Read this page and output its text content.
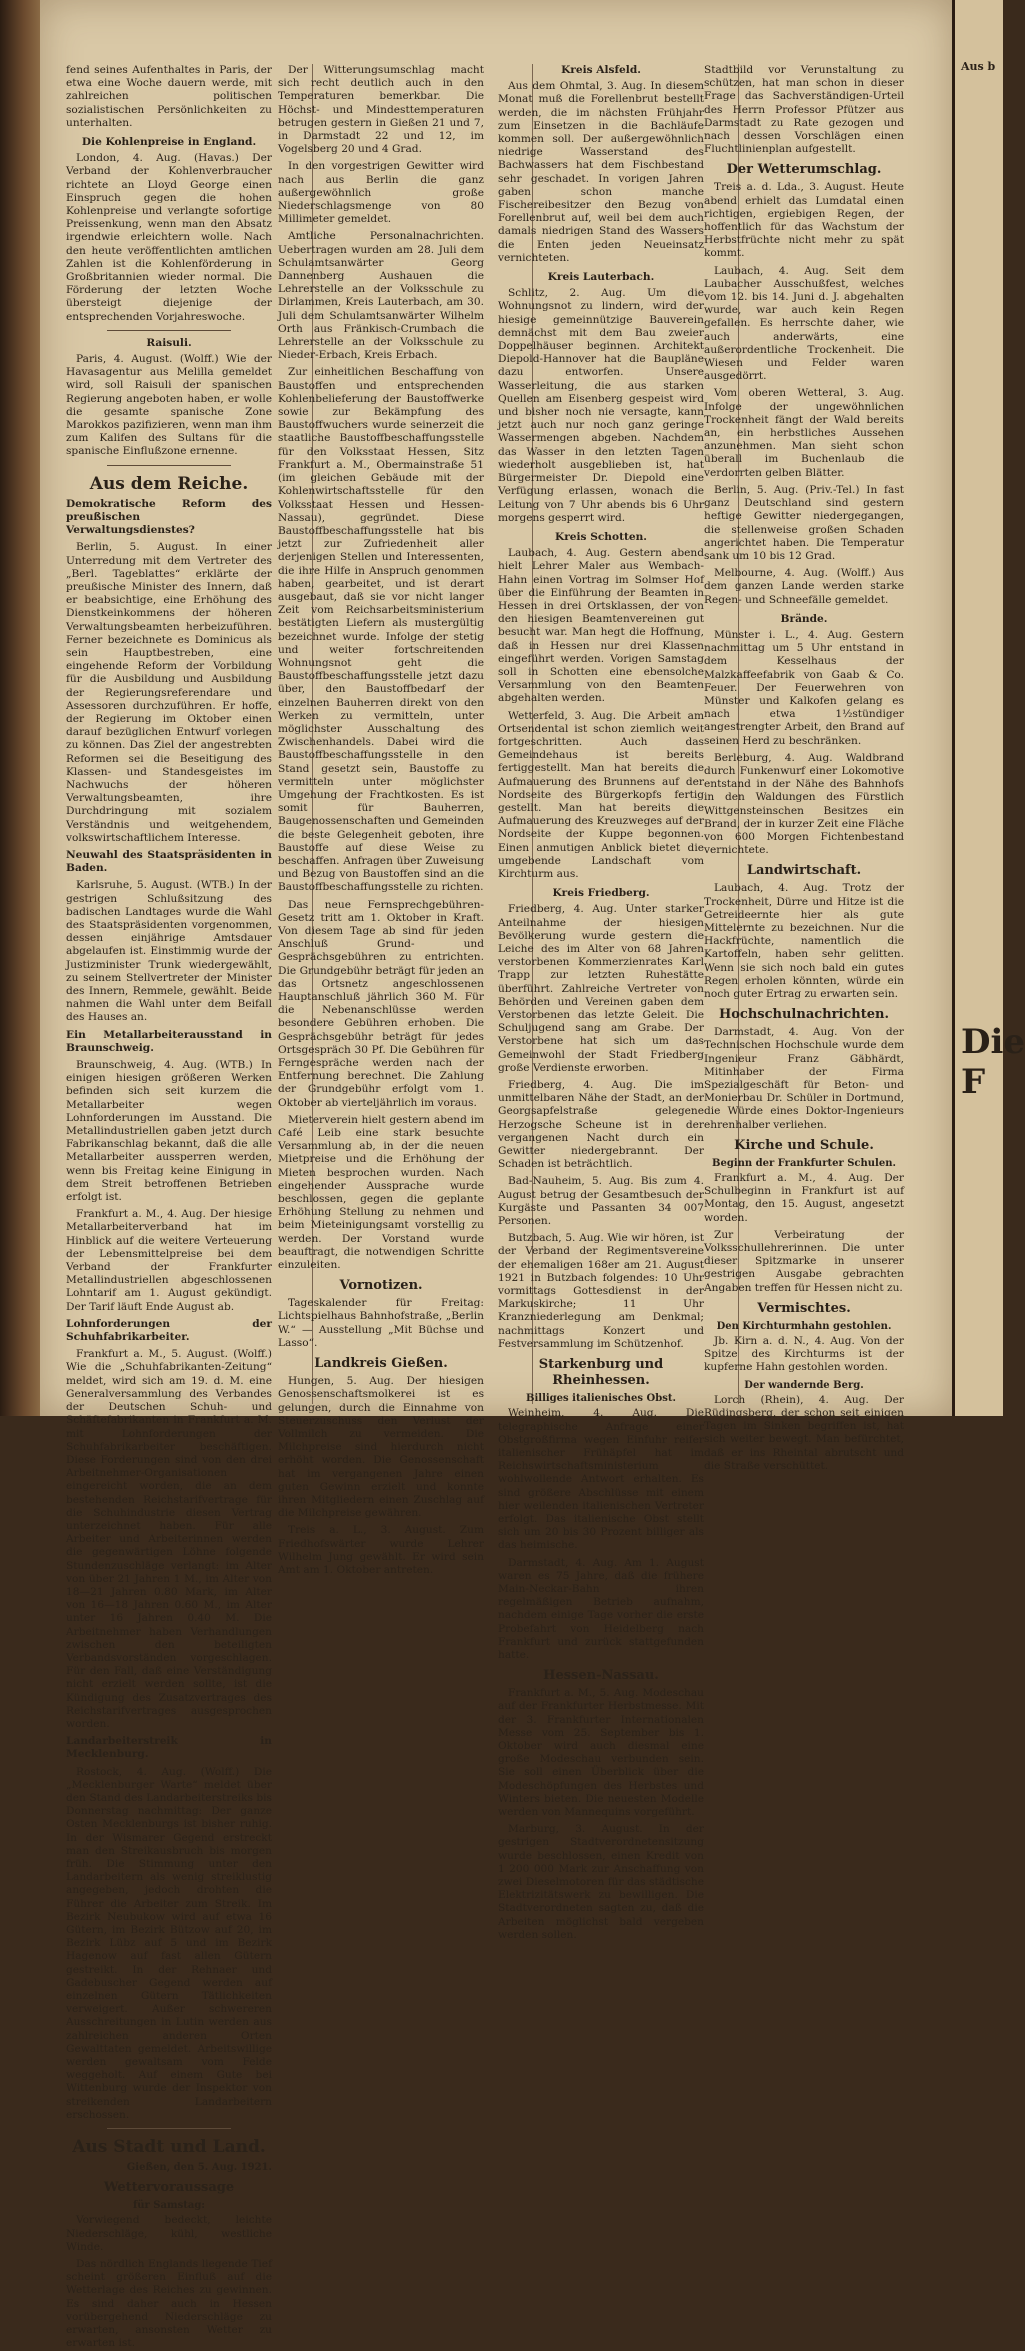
fend seines Aufenthaltes in Paris, der etwa eine Woche dauern werde, mit zahlreichen politischen sozialistischen Persönlichkeiten zu unterhalten.

Die Kohlenpreise in England.

London, 4. Aug. (Havas.) Der Verband der Kohlenverbraucher richtete an Lloyd George einen Einspruch gegen die hohen Kohlenpreise und verlangte sofortige Preissenkung, wenn man den Absatz irgendwie erleichtern wolle. Nach den heute veröffentlichten amtlichen Zahlen ist die Kohlenförderung in Großbritannien wieder normal. Die Förderung der letzten Woche übersteigt diejenige der entsprechenden Vorjahreswoche.

Raisuli.

Paris, 4. August. (Wolff.) Wie der Havasagentur aus Melilla gemeldet wird, soll Raisuli der spanischen Regierung angeboten haben, er wolle die gesamte spanische Zone Marokkos pazifizieren, wenn man ihm zum Kalifen des Sultans für die spanische Einflußzone ernenne.

Aus dem Reiche.

Demokratische Reform des preußischen Verwaltungsdienstes?

Berlin, 5. August. In einer Unterredung mit dem Vertreter des „Berl. Tageblattes“ erklärte der preußische Minister des Innern, daß er beabsichtige, eine Erhöhung des Dienstkeinkommens der höheren Verwaltungsbeamten herbeizuführen. Ferner bezeichnete es Dominicus als sein Hauptbestreben, eine eingehende Reform der Vorbildung für die Ausbildung und Ausbildung der Regierungsreferendare und Assessoren durchzuführen. Er hoffe, der Regierung im Oktober einen darauf bezüglichen Entwurf vorlegen zu können. Das Ziel der angestrebten Reformen sei die Beseitigung des Klassen- und Standesgeistes im Nachwuchs der höheren Verwaltungsbeamten, ihre Durchdringung mit sozialem Verständnis und weitgehendem, volkswirtschaftlichem Interesse.

Neuwahl des Staatspräsidenten in Baden.

Karlsruhe, 5. August. (WTB.) In der gestrigen Schlußsitzung des badischen Landtages wurde die Wahl des Staatspräsidenten vorgenommen, dessen einjährige Amtsdauer abgelaufen ist. Einstimmig wurde der Justizminister Trunk wiedergewählt, zu seinem Stellvertreter der Minister des Innern, Remmele, gewählt. Beide nahmen die Wahl unter dem Beifall des Hauses an.

Ein Metallarbeiterausstand in Braunschweig.

Braunschweig, 4. Aug. (WTB.) In einigen hiesigen größeren Werken befinden sich seit kurzem die Metallarbeiter wegen Lohnforderungen im Ausstand. Die Metallindustriellen gaben jetzt durch Fabrikanschlag bekannt, daß die alle Metallarbeiter aussperren werden, wenn bis Freitag keine Einigung in dem Streit betroffenen Betrieben erfolgt ist.

Frankfurt a. M., 4. Aug. Der hiesige Metallarbeiterverband hat im Hinblick auf die weitere Verteuerung der Lebensmittelpreise bei dem Verband der Frankfurter Metallindustriellen abgeschlossenen Lohntarif am 1. August gekündigt. Der Tarif läuft Ende August ab.

Lohnforderungen der Schuhfabrikarbeiter.

Frankfurt a. M., 5. August. (Wolff.) Wie die „Schuhfabrikanten-Zeitung“ meldet, wird sich am 19. d. M. eine Generalversammlung des Verbandes der Deutschen Schuh- und Schäftefabrikanten in Frankfurt a. M. mit Lohnforderungen der Schuhfabrikarbeiter beschäftigen. Diese Forderungen sind von den drei Arbeitnehmer-Organisationen eingereicht worden, die an dem bestehenden Reichstarifvertrage für die Schuhindustrie diesen Vertrag unterzeichnet haben. Für alle Arbeiter und Arbeiterinnen werden die gegenwärtigen Löhne folgende Stundenzuschläge verlangt: im Alter von über 21 Jahren 1 M., im Alter von 18—21 Jahren 0.80 Mark, im Alter von 16—18 Jahren 0.60 M., im Alter unter 16 Jahren 0.40 M. Die Arbeitnehmer haben Verhandlungen zwischen den beteiligten Verbandsvorständen vorgeschlagen. Für den Fall, daß eine Verständigung nicht erzielt werden sollte, ist die Kündigung des Zusatzvertrages des Reichstarifvertrages ausgesprochen worden.

Landarbeiterstreik in Mecklenburg.

Rostock, 4. Aug. (Wolff.) Die „Mecklenburger Warte“ meldet über den Stand des Landarbeiterstreiks bis Donnerstag nachmittag: Der ganze Osten Mecklenburgs ist bisher ruhig. In der Wismarer Gegend erstreckt man den Streikausbruch bis morgen früh. Die Stimmung unter den Landarbeitern als wenig streiklustig angegeben, jedoch drohten die Führer die Arbeiter zum Streik. Im Bezirk Neubukow wird auf etwa 16 Gütern, im Bezirk Bützow auf 20, im Bezirk Lübz auf 5 und im Bezirk Hagenow auf fast allen Gütern gestreikt. In der Rehnaer und Gadebuscher Gegend werden auf einzelnen Gütern Tätlichkeiten verweigert. Außer schwereren Ausschreitungen in Lutin werden aus zahlreichen anderen Orten Gewalttaten gemeldet. Arbeitswillige werden gewaltsam vom Felde weggeholt. Auf einem Gute bei Wittenburg wurde der Inspektor von streikenden Landarbeitern erschossen.

Aus Stadt und Land.
Gießen, den 5. Aug. 1921.
Wettervoraussage
für Samstag:

Vorwiegend bedeckt, leichte Niederschläge, kühl, westliche Winde.

Das nördlich Englands liegende Tief scheint größeren Einfluß auf die Wetterlage des Reiches zu gewinnen. Es sind daher auch in Hessen vorübergehend Niederschläge zu erwarten, ansonsten Wetter zu erwarten ist.

Der Witterungsumschlag macht sich recht deutlich auch in den Temperaturen bemerkbar. Die Höchst- und Mindesttemperaturen betrugen gestern in Gießen 21 und 7, in Darmstadt 22 und 12, im Vogelsberg 20 und 4 Grad.

In den vorgestrigen Gewitter wird nach aus Berlin die ganz außergewöhnlich große Niederschlagsmenge von 80 Millimeter gemeldet.

Amtliche Personalnachrichten. Uebertragen wurden am 28. Juli dem Schulamtsanwärter Georg Dannenberg Aushauen die Lehrerstelle an der Volksschule zu Dirlammen, Kreis Lauterbach, am 30. Juli dem Schulamtsanwärter Wilhelm Orth aus Fränkisch-Crumbach die Lehrerstelle an der Volksschule zu Nieder-Erbach, Kreis Erbach.

Zur einheitlichen Beschaffung von Baustoffen und entsprechenden Kohlenbelieferung der Baustoffwerke sowie zur Bekämpfung des Baustoffwuchers wurde seinerzeit die staatliche Baustoffbeschaffungsstelle für den Volksstaat Hessen, Sitz Frankfurt a. M., Obermainstraße 51 (im gleichen Gebäude mit der Kohlenwirtschaftsstelle für den Volksstaat Hessen und Hessen-Nassau), gegründet. Diese Baustoffbeschaffungsstelle hat bis jetzt zur Zufriedenheit aller derjenigen Stellen und Interessenten, die ihre Hilfe in Anspruch genommen haben, gearbeitet, und ist derart ausgebaut, daß sie vor nicht langer Zeit vom Reichsarbeitsministerium bestätigten Liefern als mustergültig bezeichnet wurde. Infolge der stetig und weiter fortschreitenden Wohnungsnot geht die Baustoffbeschaffungsstelle jetzt dazu über, den Baustoffbedarf der einzelnen Bauherren direkt von den Werken zu vermitteln, unter möglichster Ausschaltung des Zwischenhandels. Dabei wird die Baustoffbeschaffungsstelle in den Stand gesetzt sein, Baustoffe zu vermitteln unter möglichster Umgehung der Frachtkosten. Es ist somit für Bauherren, Baugenossenschaften und Gemeinden die beste Gelegenheit geboten, ihre Baustoffe auf diese Weise zu beschaffen. Anfragen über Zuweisung und Bezug von Baustoffen sind an die Baustoffbeschaffungsstelle zu richten.

Das neue Fernsprechgebühren-Gesetz tritt am 1. Oktober in Kraft. Von diesem Tage ab sind für jeden Anschluß Grund- und Gesprächsgebühren zu entrichten. Die Grundgebühr beträgt für jeden an das Ortsnetz angeschlossenen Hauptanschluß jährlich 360 M. Für die Nebenanschlüsse werden besondere Gebühren erhoben. Die Gesprächsgebühr beträgt für jedes Ortsgespräch 30 Pf. Die Gebühren für Ferngespräche werden nach der Entfernung berechnet. Die Zahlung der Grundgebühr erfolgt vom 1. Oktober ab vierteljährlich im voraus.

Mieterverein hielt gestern abend im Café Leib eine stark besuchte Versammlung ab, in der die neuen Mietpreise und die Erhöhung der Mieten besprochen wurden. Nach eingehender Aussprache wurde beschlossen, gegen die geplante Erhöhung Stellung zu nehmen und beim Mieteinigungsamt vorstellig zu werden. Der Vorstand wurde beauftragt, die notwendigen Schritte einzuleiten.

Vornotizen.

Tageskalender für Freitag: Lichtspielhaus Bahnhofstraße, „Berlin W.“ — Ausstellung „Mit Büchse und Lasso“.

Landkreis Gießen.

Hungen, 5. Aug. Der hiesigen Genossenschaftsmolkerei ist es gelungen, durch die Einnahme von Steuerzuschuss den Verlust der Vollmilch zu vermeiden. Die Milchpreise sind hierdurch nicht erhöht worden. Die Genossenschaft hat im vergangenen Jahre einen guten Gewinn erzielt und konnte ihren Mitgliedern einen Zuschlag auf die Milchpreise gewähren.

Treis a. L., 3. August. Zum Friedhofswärter wurde Lehrer Wilhelm Jung gewählt. Er wird sein Amt am 1. Oktober antreten.

Kreis Alsfeld.

Aus dem Ohmtal, 3. Aug. In diesem Monat muß die Forellenbrut bestellt werden, die im nächsten Frühjahr zum Einsetzen in die Bachläufe kommen soll. Der außergewöhnlich niedrige Wasserstand des Bachwassers hat dem Fischbestand sehr geschadet. In vorigen Jahren gaben schon manche Fischereibesitzer den Bezug von Forellenbrut auf, weil bei dem auch damals niedrigen Stand des Wassers die Enten jeden Neueinsatz vernichteten.

Kreis Lauterbach.

Schlitz, 2. Aug. Um die Wohnungsnot zu lindern, wird der hiesige gemeinnützige Bauverein demnächst mit dem Bau zweier Doppelhäuser beginnen. Architekt Diepold-Hannover hat die Baupläne dazu entworfen. Unsere Wasserleitung, die aus starken Quellen am Eisenberg gespeist wird und bisher noch nie versagte, kann jetzt auch nur noch ganz geringe Wassermengen abgeben. Nachdem das Wasser in den letzten Tagen wiederholt ausgeblieben ist, hat Bürgermeister Dr. Diepold eine Verfügung erlassen, wonach die Leitung von 7 Uhr abends bis 6 Uhr morgens gesperrt wird.

Kreis Schotten.

Laubach, 4. Aug. Gestern abend hielt Lehrer Maler aus Wembach-Hahn einen Vortrag im Solmser Hof über die Einführung der Beamten in Hessen in drei Ortsklassen, der von den hiesigen Beamtenvereinen gut besucht war. Man hegt die Hoffnung, daß in Hessen nur drei Klassen eingeführt werden. Vorigen Samstag soll in Schotten eine ebensolche Versammlung von den Beamten abgehalten werden.

Wetterfeld, 3. Aug. Die Arbeit am Ortsendental ist schon ziemlich weit fortgeschritten. Auch das Gemeindehaus ist bereits fertiggestellt. Man hat bereits die Aufmauerung des Brunnens auf der Nordseite des Bürgerkopfs fertig gestellt. Man hat bereits die Aufmauerung des Kreuzweges auf der Nordseite der Kuppe begonnen. Einen anmutigen Anblick bietet die umgebende Landschaft vom Kirchturm aus.

Kreis Friedberg.

Friedberg, 4. Aug. Unter starker Anteilnahme der hiesigen Bevölkerung wurde gestern die Leiche des im Alter von 68 Jahren verstorbenen Kommerzienrates Karl Trapp zur letzten Ruhestätte überführt. Zahlreiche Vertreter von Behörden und Vereinen gaben dem Verstorbenen das letzte Geleit. Die Schuljugend sang am Grabe. Der Verstorbene hat sich um das Gemeinwohl der Stadt Friedberg große Verdienste erworben.

Friedberg, 4. Aug. Die im unmittelbaren Nähe der Stadt, an der Georgsapfelstraße gelegene Herzogsche Scheune ist in der vergangenen Nacht durch ein Gewitter niedergebrannt. Der Schaden ist beträchtlich.

Bad-Nauheim, 5. Aug. Bis zum 4. August betrug der Gesamtbesuch der Kurgäste und Passanten 34 007 Personen.

Butzbach, 5. Aug. Wie wir hören, ist der Verband der Regimentsvereine der ehemaligen 168er am 21. August 1921 in Butzbach folgendes: 10 Uhr vormittags Gottesdienst in der Markuskirche; 11 Uhr Kranzniederlegung am Denkmal; nachmittags Konzert und Festversammlung im Schützenhof.

Starkenburg und Rheinhessen.
Billiges italienisches Obst.

Weinheim, 4. Aug. Die telegraphische Anfrage einer Obstgroßfirma wegen Einfuhr reifer italienischer Frühäpfel hat im Reichswirtschaftsministerium wohlwollende Antwort erhalten. Es sind größere Abschlüsse mit einem hier weilenden italienischen Vertreter erfolgt. Das italienische Obst stellt sich um 20 bis 30 Prozent billiger als das heimische.

Darmstadt, 4. Aug. Am 1. August waren es 75 Jahre, daß die frühere Main-Neckar-Bahn ihren regelmäßigen Betrieb aufnahm, nachdem einige Tage vorher die erste Probefahrt von Heidelberg nach Frankfurt und zurück stattgefunden hatte.

Hessen-Nassau.

Frankfurt a. M., 5. Aug. Modeschau auf der Frankfurter Herbstmesse. Mit der 3. Frankfurter Internationalen Messe vom 25. September bis 1. Oktober wird auch diesmal eine große Modeschau verbunden sein. Sie soll einen Überblick über die Modeschöpfungen des Herbstes und Winters bieten. Die neuesten Modelle werden von Mannequins vorgeführt.

Marburg, 3. August. In der gestrigen Stadtverordnetensitzung wurde beschlossen, einen Kredit von 1 200 000 Mark zur Anschaffung von zwei Dieselmotoren für das städtische Elektrizitätswerk zu bewilligen. Die Stadtverordneten sagten zu, daß die Arbeiten möglichst bald vergeben werden sollen.

Stadtbild vor Verunstaltung zu schützen, hat man schon in dieser Frage das Sachverständigen-Urteil des Herrn Professor Pfützer aus Darmstadt zu Rate gezogen und nach dessen Vorschlägen einen Fluchtlinienplan aufgestellt.

Der Wetterumschlag.

Treis a. d. Lda., 3. August. Heute abend erhielt das Lumdatal einen richtigen, ergiebigen Regen, der hoffentlich für das Wachstum der Herbstfrüchte nicht mehr zu spät kommt.

Laubach, 4. Aug. Seit dem Laubacher Ausschußfest, welches vom 12. bis 14. Juni d. J. abgehalten wurde, war auch kein Regen gefallen. Es herrschte daher, wie auch anderwärts, eine außerordentliche Trockenheit. Die Wiesen und Felder waren ausgedörrt.

Vom oberen Wetteral, 3. Aug. Infolge der ungewöhnlichen Trockenheit fängt der Wald bereits an, ein herbstliches Aussehen anzunehmen. Man sieht schon überall im Buchenlaub die verdorrten gelben Blätter.

Berlin, 5. Aug. (Priv.-Tel.) In fast ganz Deutschland sind gestern heftige Gewitter niedergegangen, die stellenweise großen Schaden angerichtet haben. Die Temperatur sank um 10 bis 12 Grad.

Melbourne, 4. Aug. (Wolff.) Aus dem ganzen Lande werden starke Regen- und Schneefälle gemeldet.

Brände.

Münster i. L., 4. Aug. Gestern nachmittag um 5 Uhr entstand in dem Kesselhaus der Malzkaffeefabrik von Gaab & Co. Feuer. Der Feuerwehren von Münster und Kalkofen gelang es nach etwa 1½stündiger angestrengter Arbeit, den Brand auf seinen Herd zu beschränken.

Berleburg, 4. Aug. Waldbrand durch Funkenwurf einer Lokomotive entstand in der Nähe des Bahnhofs in den Waldungen des Fürstlich Wittgensteinschen Besitzes ein Brand, der in kurzer Zeit eine Fläche von 600 Morgen Fichtenbestand vernichtete.

Landwirtschaft.

Laubach, 4. Aug. Trotz der Trockenheit, Dürre und Hitze ist die Getreideernte hier als gute Mittelernte zu bezeichnen. Nur die Hackfrüchte, namentlich die Kartoffeln, haben sehr gelitten. Wenn sie sich noch bald ein gutes Regen erholen könnten, würde ein noch guter Ertrag zu erwarten sein.

Hochschulnachrichten.

Darmstadt, 4. Aug. Von der Technischen Hochschule wurde dem Ingenieur Franz Gäbhärdt, Mitinhaber der Firma Spezialgeschäft für Beton- und Monierbau Dr. Schüler in Dortmund, die Würde eines Doktor-Ingenieurs ehrenhalber verliehen.

Kirche und Schule.
Beginn der Frankfurter Schulen.

Frankfurt a. M., 4. Aug. Der Schulbeginn in Frankfurt ist auf Montag, den 15. August, angesetzt worden.

Zur Verbeiratung der Volksschullehrerinnen. Die unter dieser Spitzmarke in unserer gestrigen Ausgabe gebrachten Angaben treffen für Hessen nicht zu.

Vermischtes.
Den Kirchturmhahn gestohlen.

Jb. Kirn a. d. N., 4. Aug. Von der Spitze des Kirchturms ist der kupferne Hahn gestohlen worden.

Der wandernde Berg.

Lorch (Rhein), 4. Aug. Der Rüdingsberg, der schon seit einigen Tagen im Sinken begriffen ist, hat sich weiter bewegt. Man befürchtet, daß er ins Rheintal abrutscht und die Straße verschüttet.

Aus b
Die F
